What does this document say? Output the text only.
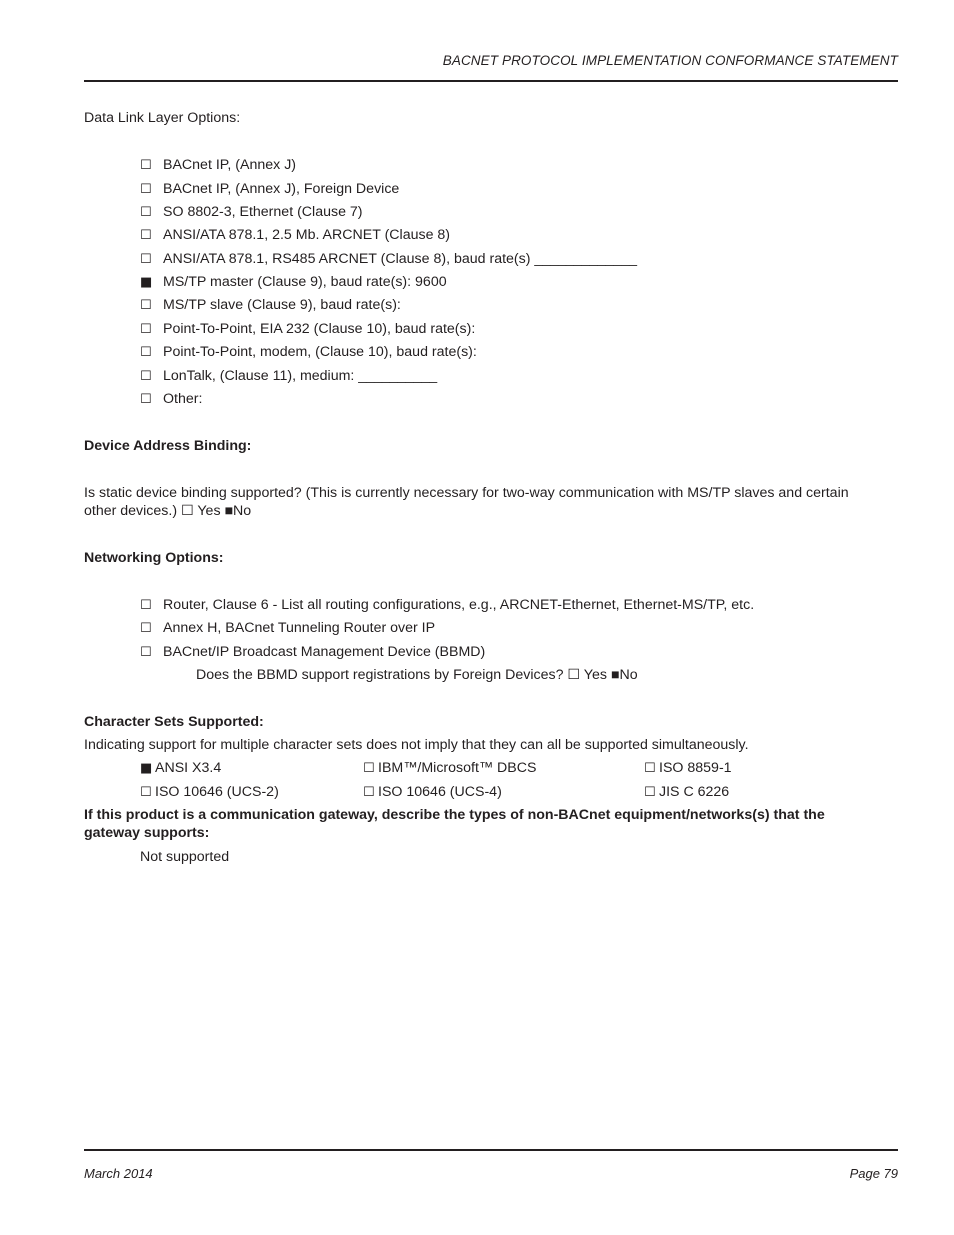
BACNET PROTOCOL IMPLEMENTATION CONFORMANCE STATEMENT
Data Link Layer Options:
☐ BACnet IP, (Annex J)
☐ BACnet IP, (Annex J), Foreign Device
☐ SO 8802-3, Ethernet (Clause 7)
☐ ANSI/ATA 878.1, 2.5 Mb. ARCNET (Clause 8)
☐ ANSI/ATA 878.1, RS485 ARCNET (Clause 8), baud rate(s) _____________
■ MS/TP master (Clause 9), baud rate(s): 9600
☐ MS/TP slave (Clause 9), baud rate(s):
☐ Point-To-Point, EIA 232 (Clause 10), baud rate(s):
☐ Point-To-Point, modem, (Clause 10), baud rate(s):
☐ LonTalk, (Clause 11), medium: __________
☐ Other:
Device Address Binding:
Is static device binding supported? (This is currently necessary for two-way communication with MS/TP slaves and certain other devices.) ☐ Yes ■No
Networking Options:
☐ Router, Clause 6 - List all routing configurations, e.g., ARCNET-Ethernet, Ethernet-MS/TP, etc.
☐ Annex H, BACnet Tunneling Router over IP
☐ BACnet/IP Broadcast Management Device (BBMD)
Does the BBMD support registrations by Foreign Devices? ☐ Yes ■No
Character Sets Supported:
Indicating support for multiple character sets does not imply that they can all be supported simultaneously.
■ ANSI X3.4	☐ IBM™/Microsoft™ DBCS	☐ ISO 8859-1
☐ ISO 10646 (UCS-2)	☐ ISO 10646 (UCS-4)	☐ JIS C 6226
If this product is a communication gateway, describe the types of non-BACnet equipment/networks(s) that the gateway supports:
Not supported
March 2014	Page 79
